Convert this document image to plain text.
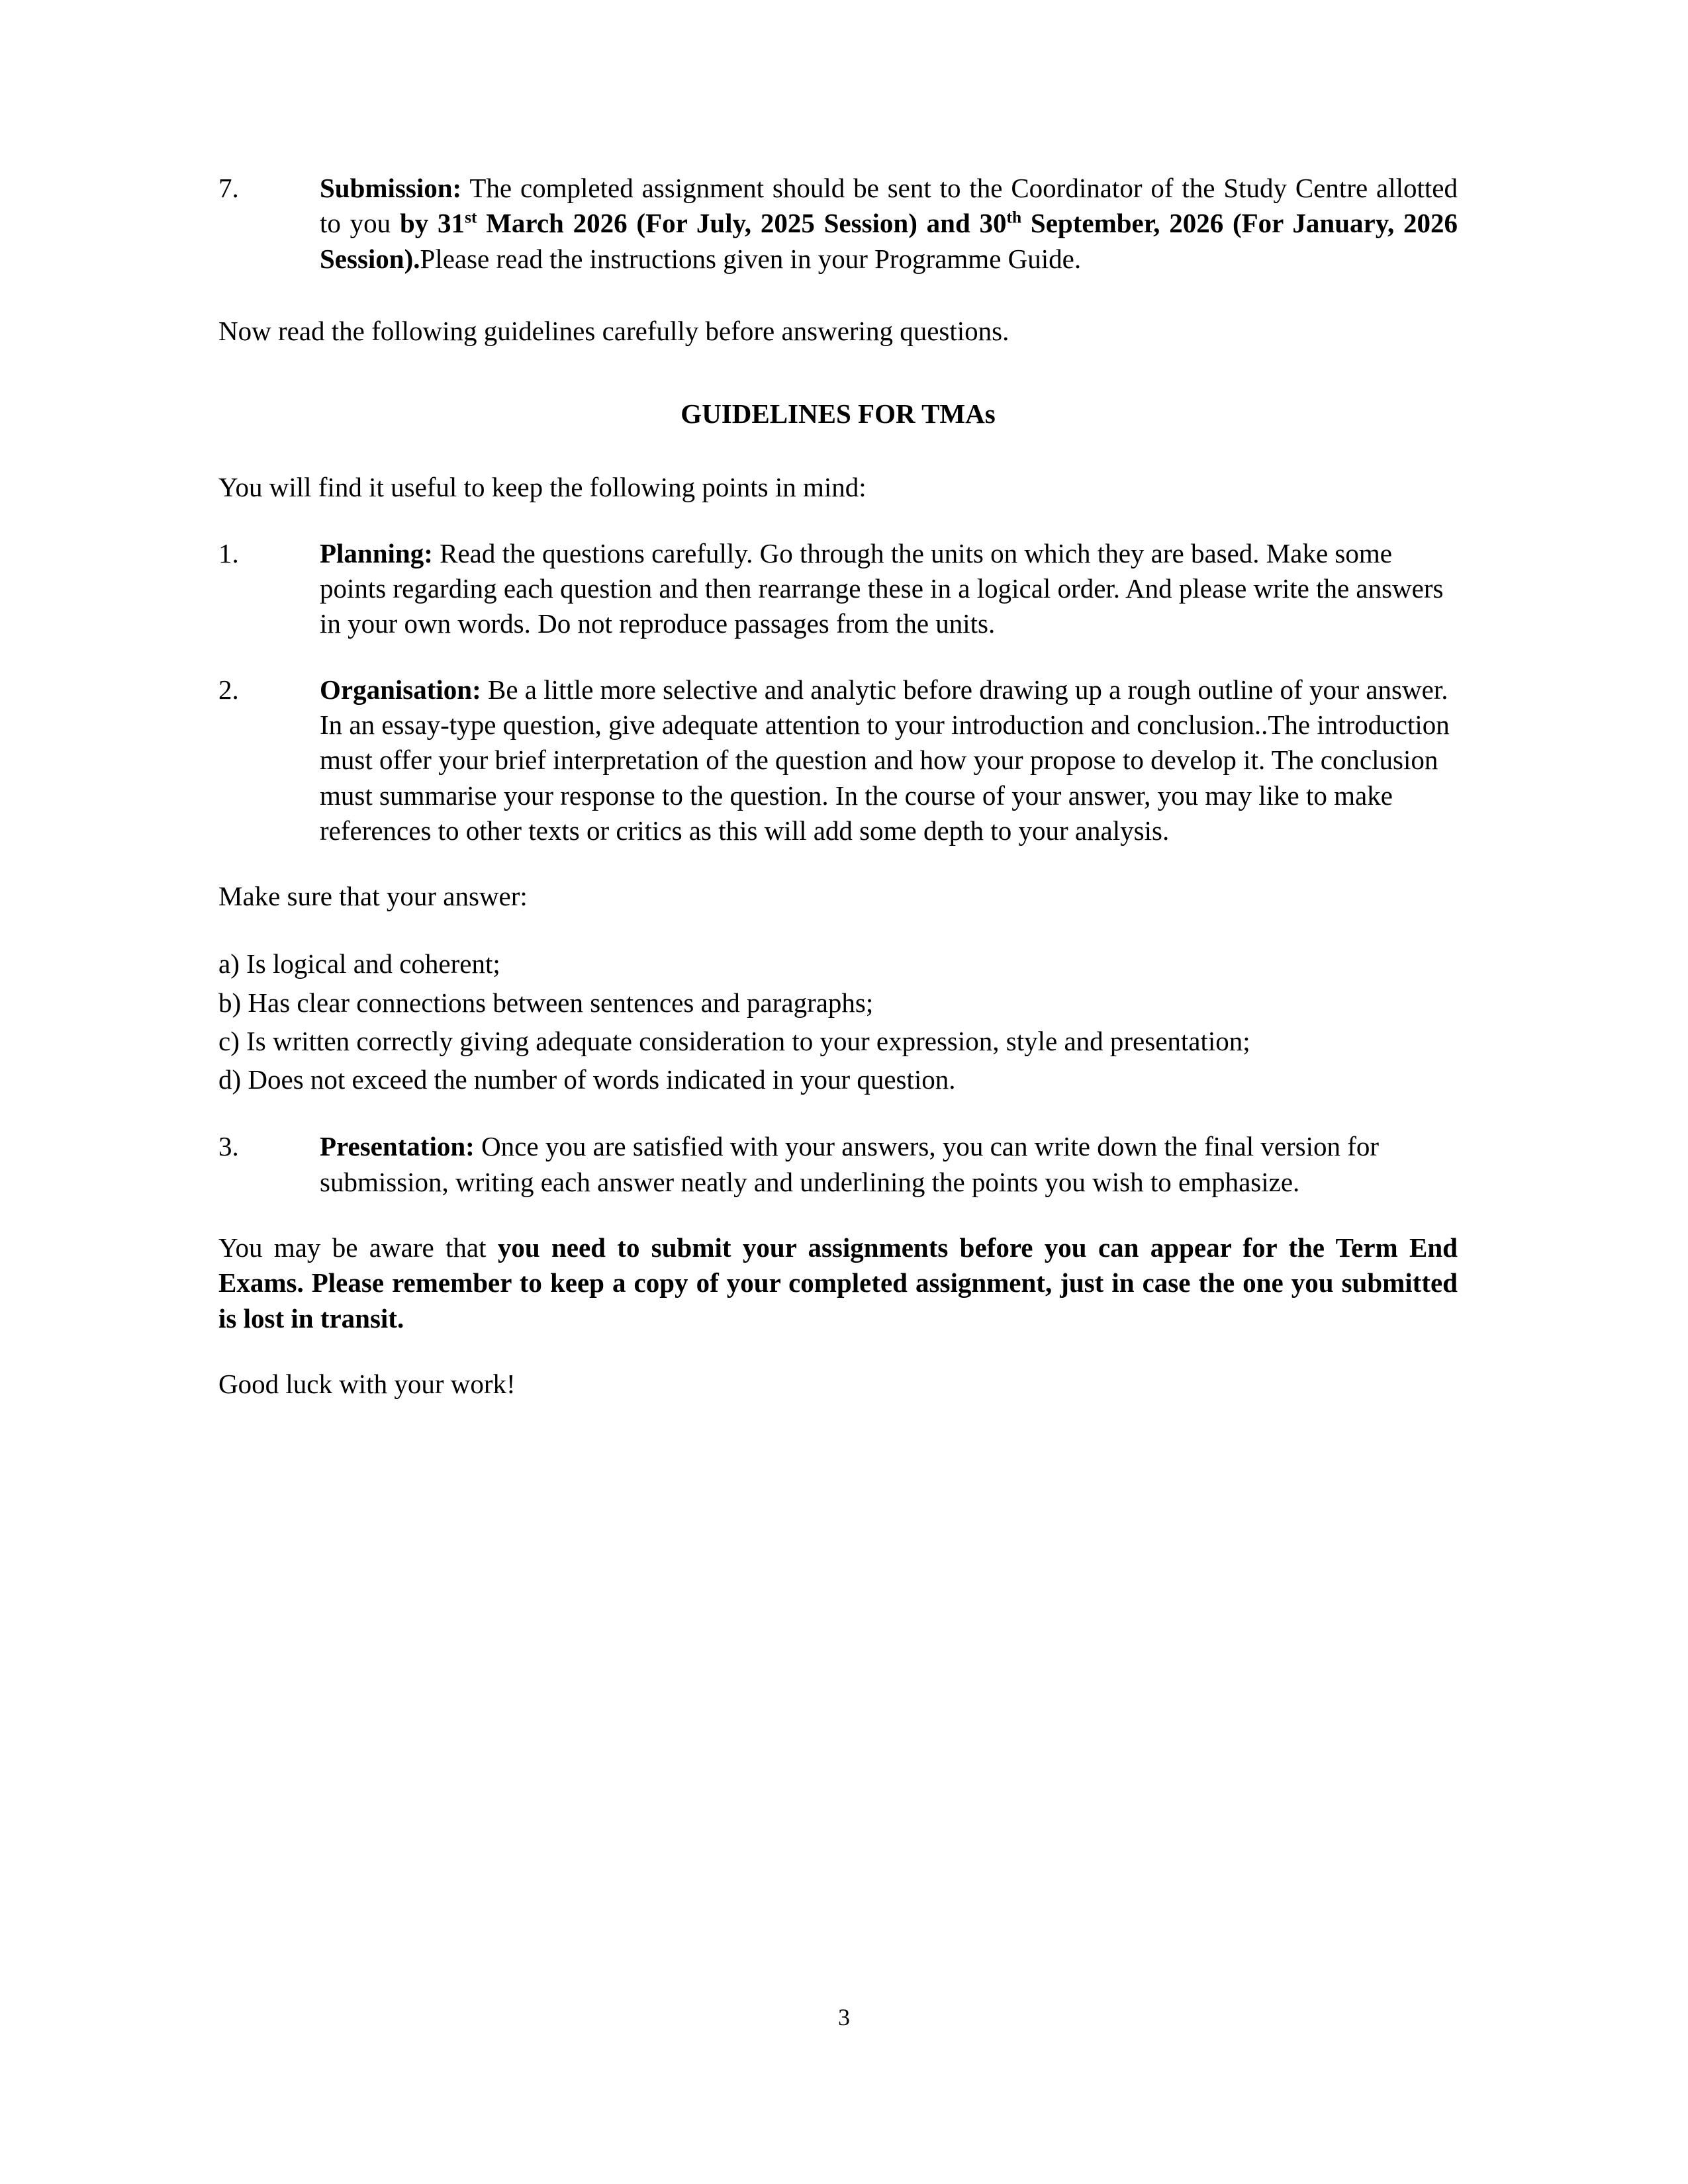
7.	Submission: The completed assignment should be sent to the Coordinator of the Study Centre allotted to you by 31st March 2026 (For July, 2025 Session) and 30th September, 2026 (For January, 2026 Session).Please read the instructions given in your Programme Guide.

Now read the following guidelines carefully before answering questions.

GUIDELINES FOR TMAs

You will find it useful to keep the following points in mind:

1.	Planning: Read the questions carefully. Go through the units on which they are based. Make some points regarding each question and then rearrange these in a logical order. And please write the answers in your own words. Do not reproduce passages from the units.
2.	Organisation: Be a little more selective and analytic before drawing up a rough outline of your answer. In an essay-type question, give adequate attention to your introduction and conclusion..The introduction must offer your brief interpretation of the question and how your propose to develop it. The conclusion must summarise your response to the question. In the course of your answer, you may like to make references to other texts or critics as this will add some depth to your analysis.

Make sure that your answer:

a) Is logical and coherent;

b) Has clear connections between sentences and paragraphs;

c) Is written correctly giving adequate consideration to your expression, style and presentation;

d) Does not exceed the number of words indicated in your question.

3.	Presentation: Once you are satisfied with your answers, you can write down the final version for submission, writing each answer neatly and underlining the points you wish to emphasize.

You may be aware that you need to submit your assignments before you can appear for the Term End Exams. Please remember to keep a copy of your completed assignment, just in case the one you submitted is lost in transit.

Good luck with your work!

3
